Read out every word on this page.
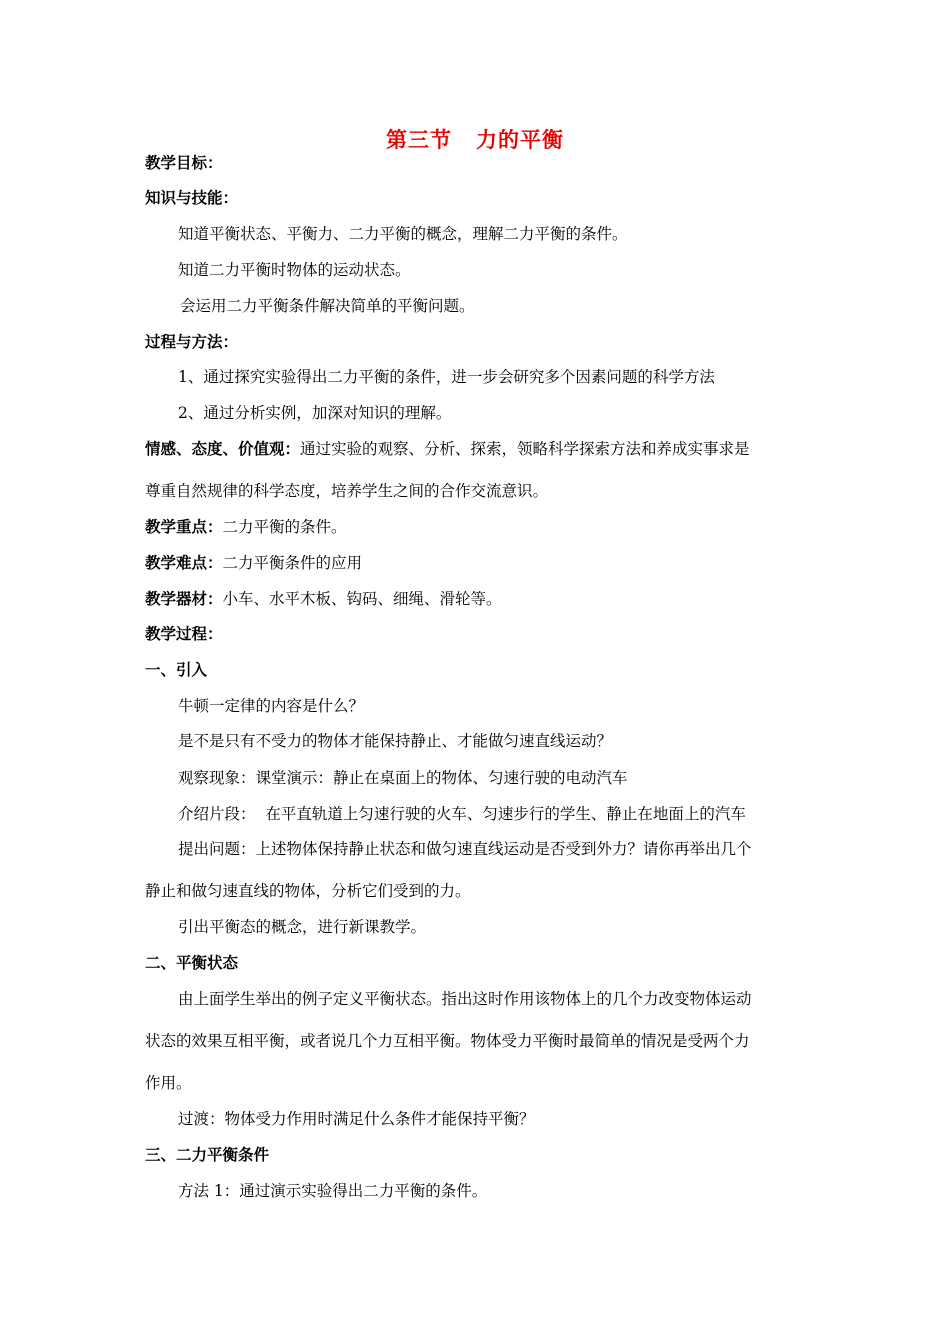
第三节 力的平衡
教学目标：
知识与技能：
知道平衡状态、平衡力、二力平衡的概念，理解二力平衡的条件。
知道二力平衡时物体的运动状态。
会运用二力平衡条件解决简单的平衡问题。
过程与方法：
1、通过探究实验得出二力平衡的条件，进一步会研究多个因素问题的科学方法
2、通过分析实例，加深对知识的理解。
情感、态度、价值观：通过实验的观察、分析、探索，领略科学探索方法和养成实事求是
尊重自然规律的科学态度，培养学生之间的合作交流意识。
教学重点：二力平衡的条件。
教学难点：二力平衡条件的应用
教学器材：小车、水平木板、钩码、细绳、滑轮等。
教学过程：
一、引入
牛顿一定律的内容是什么？
是不是只有不受力的物体才能保持静止、才能做匀速直线运动？
观察现象：课堂演示：静止在桌面上的物体、匀速行驶的电动汽车
介绍片段：  在平直轨道上匀速行驶的火车、匀速步行的学生、静止在地面上的汽车
提出问题：上述物体保持静止状态和做匀速直线运动是否受到外力？请你再举出几个
静止和做匀速直线的物体，分析它们受到的力。
引出平衡态的概念，进行新课教学。
二、平衡状态
由上面学生举出的例子定义平衡状态。指出这时作用该物体上的几个力改变物体运动
状态的效果互相平衡，或者说几个力互相平衡。物体受力平衡时最简单的情况是受两个力
作用。
过渡：物体受力作用时满足什么条件才能保持平衡？
三、二力平衡条件
方法 1：通过演示实验得出二力平衡的条件。
